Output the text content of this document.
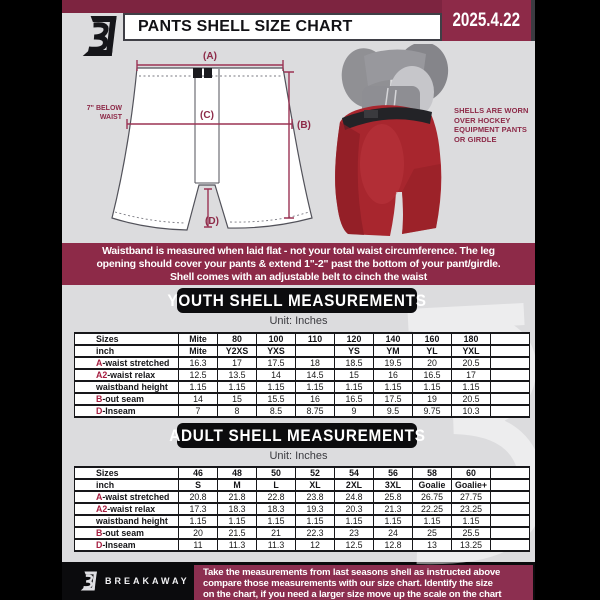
PANTS SHELL SIZE CHART	2025.4.22
(A)
(C)
(B)
(D)
7" BELOW
WAIST
SHELLS ARE WORN
OVER HOCKEY
EQUIPMENT PANTS
OR GIRDLE
Waistband is measured when laid flat - not your total waist circumference. The leg
opening should cover your pants & extend 1"-2" past the bottom of your pant/girdle.
Shell comes with an adjustable belt to cinch the waist
YOUTH SHELL MEASUREMENTS
Unit: Inches
Sizes	Mite	80	100	110	120	140	160	180	
inch	Mite	Y2XS	YXS		YS	YM	YL	YXL	
A-waist stretched	16.3	17	17.5	18	18.5	19.5	20	20.5	
A2-waist relax	12.5	13.5	14	14.5	15	16	16.5	17	
waistband height	1.15	1.15	1.15	1.15	1.15	1.15	1.15	1.15	
B-out seam	14	15	15.5	16	16.5	17.5	19	20.5	
D-Inseam	7	8	8.5	8.75	9	9.5	9.75	10.3	
ADULT SHELL MEASUREMENTS
Unit: Inches
Sizes	46	48	50	52	54	56	58	60	
inch	S	M	L	XL	2XL	3XL	Goalie	Goalie+	
A-waist stretched	20.8	21.8	22.8	23.8	24.8	25.8	26.75	27.75	
A2-waist relax	17.3	18.3	18.3	19.3	20.3	21.3	22.25	23.25	
waistband height	1.15	1.15	1.15	1.15	1.15	1.15	1.15	1.15	
B-out seam	20	21.5	21	22.3	23	24	25	25.5	
D-Inseam	11	11.3	11.3	12	12.5	12.8	13	13.25	
BREAKAWAY
Take the measurements from last seasons shell as instructed above
compare those measurements with our size chart. Identify the size
on the chart, if you need a larger size move up the scale on the chart
